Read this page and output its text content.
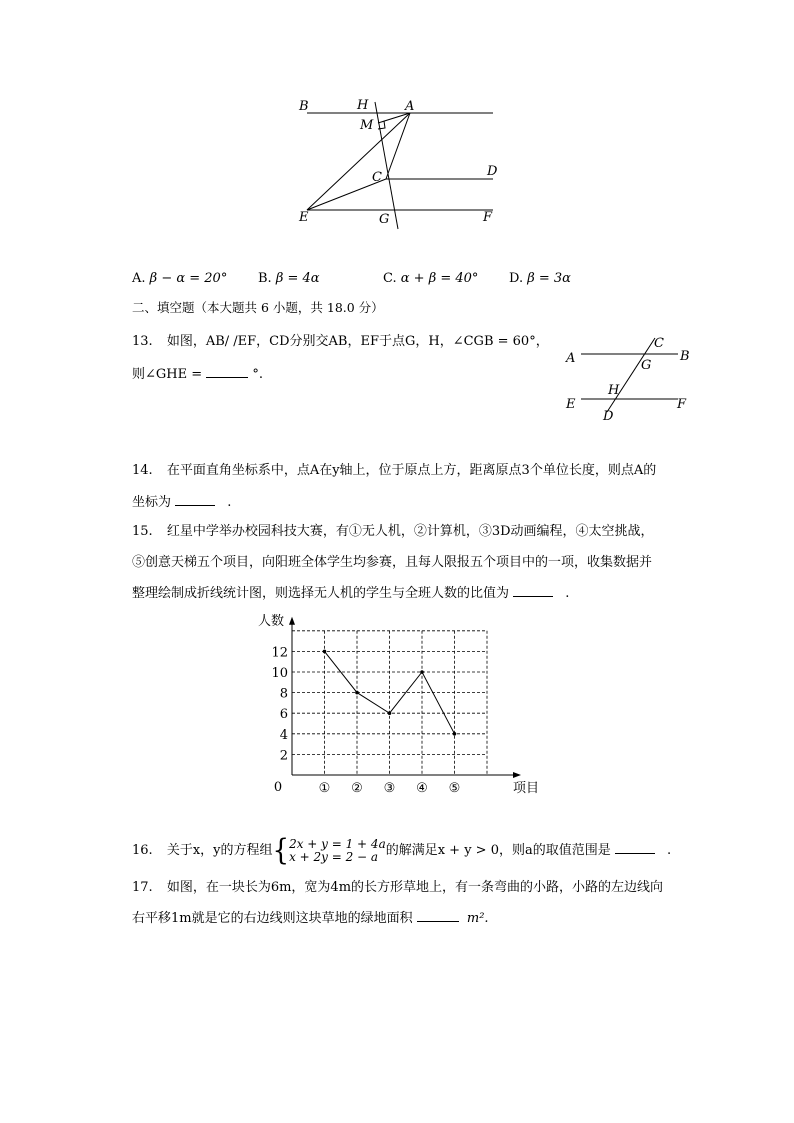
B	H	A
M
C	D
E	G	F
A. β − α = 20° B. β = 4α	C. α + β = 40° D. β = 3α
二、填空题（本大题共 6 小题，共 18.0 分）
13. 如图，AB/ /EF，CD分别交AB，EF于点G，H，∠CGB = 60°，
则∠GHE =	°.
A	B
C
G
H
E	F
D
14. 在平面直角坐标系中，点A在y轴上，位于原点上方，距离原点3个单位长度，则点A的
坐标为	.
15. 红星中学举办校园科技大赛，有①无人机，②计算机，③3D动画编程，④太空挑战，
⑤创意天梯五个项目，向阳班全体学生均参赛，且每人限报五个项目中的一项，收集数据并
整理绘制成折线统计图，则选择无人机的学生与全班人数的比值为	.
人数
项目
0
2
4
6
8
10
12
① ② ③ ④ ⑤
16. 关于x，y的方程组{2x + y = 1 + 4a
x + 2y = 2 − a 的解满足x + y > 0，则a的取值范围是	.
17. 如图，在一块长为6m，宽为4m的长方形草地上，有一条弯曲的小路，小路的左边线向
右平移1m就是它的右边线则这块草地的绿地面积	m².
